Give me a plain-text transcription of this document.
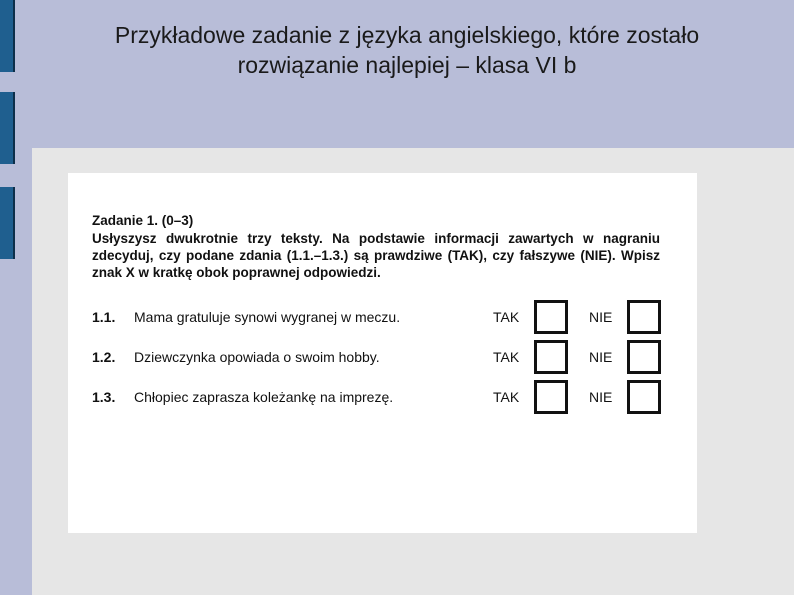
Przykładowe zadanie z języka angielskiego, które zostało rozwiązanie najlepiej – klasa VI b
Zadanie 1. (0–3)
Usłyszysz dwukrotnie trzy teksty. Na podstawie informacji zawartych w nagraniu zdecyduj, czy podane zdania (1.1.–1.3.) są prawdziwe (TAK), czy fałszywe (NIE). Wpisz znak X w kratkę obok poprawnej odpowiedzi.
1.1. Mama gratuluje synowi wygranej w meczu.	TAK	NIE
1.2. Dziewczynka opowiada o swoim hobby.	TAK	NIE
1.3. Chłopiec zaprasza koleżankę na imprezę.	TAK	NIE
